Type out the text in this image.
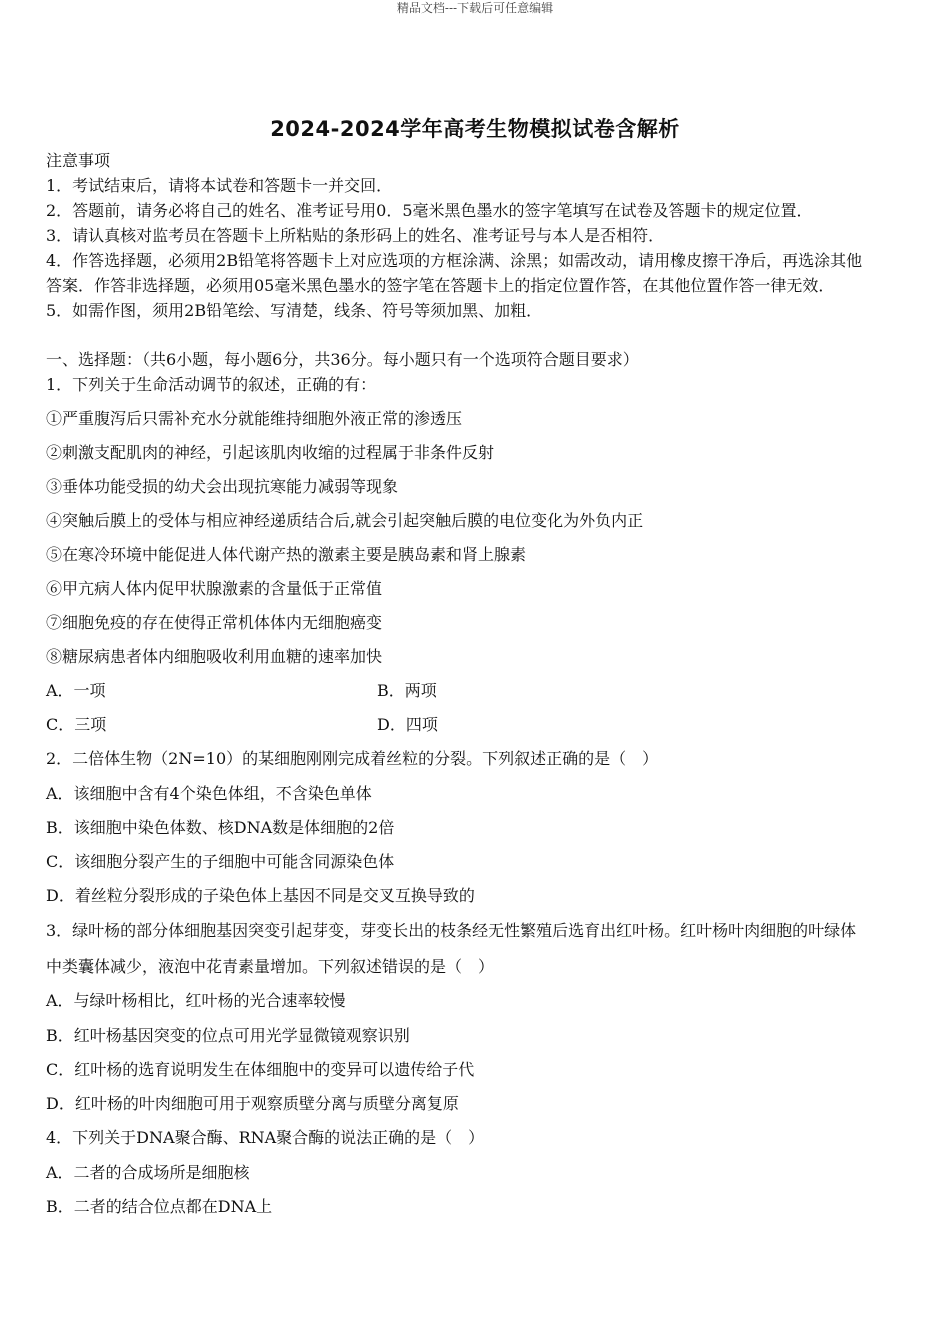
精品文档---下载后可任意编辑
2024-2024学年高考生物模拟试卷含解析
注意事项
1．考试结束后，请将本试卷和答题卡一并交回．
2．答题前，请务必将自己的姓名、准考证号用0．5毫米黑色墨水的签字笔填写在试卷及答题卡的规定位置．
3．请认真核对监考员在答题卡上所粘贴的条形码上的姓名、准考证号与本人是否相符．
4．作答选择题，必须用2B铅笔将答题卡上对应选项的方框涂满、涂黑；如需改动，请用橡皮擦干净后，再选涂其他
答案．作答非选择题，必须用05毫米黑色墨水的签字笔在答题卡上的指定位置作答，在其他位置作答一律无效．
5．如需作图，须用2B铅笔绘、写清楚，线条、符号等须加黑、加粗．
一、选择题：（共6小题，每小题6分，共36分。每小题只有一个选项符合题目要求）
1．下列关于生命活动调节的叙述，正确的有：
①严重腹泻后只需补充水分就能维持细胞外液正常的渗透压
②刺激支配肌肉的神经，引起该肌肉收缩的过程属于非条件反射
③垂体功能受损的幼犬会出现抗寒能力减弱等现象
④突触后膜上的受体与相应神经递质结合后,就会引起突触后膜的电位变化为外负内正
⑤在寒冷环境中能促进人体代谢产热的激素主要是胰岛素和肾上腺素
⑥甲亢病人体内促甲状腺激素的含量低于正常值
⑦细胞免疫的存在使得正常机体体内无细胞癌变
⑧糖尿病患者体内细胞吸收利用血糖的速率加快
A．一项	B．两项
C．三项	D．四项
2．二倍体生物（2N=10）的某细胞刚刚完成着丝粒的分裂。下列叙述正确的是（　）
A．该细胞中含有4个染色体组，不含染色单体
B．该细胞中染色体数、核DNA数是体细胞的2倍
C．该细胞分裂产生的子细胞中可能含同源染色体
D．着丝粒分裂形成的子染色体上基因不同是交叉互换导致的
3．绿叶杨的部分体细胞基因突变引起芽变，芽变长出的枝条经无性繁殖后选育出红叶杨。红叶杨叶肉细胞的叶绿体
中类囊体减少，液泡中花青素量增加。下列叙述错误的是（　）
A．与绿叶杨相比，红叶杨的光合速率较慢
B．红叶杨基因突变的位点可用光学显微镜观察识别
C．红叶杨的选育说明发生在体细胞中的变异可以遗传给子代
D．红叶杨的叶肉细胞可用于观察质壁分离与质壁分离复原
4．下列关于DNA聚合酶、RNA聚合酶的说法正确的是（　）
A．二者的合成场所是细胞核
B．二者的结合位点都在DNA上
